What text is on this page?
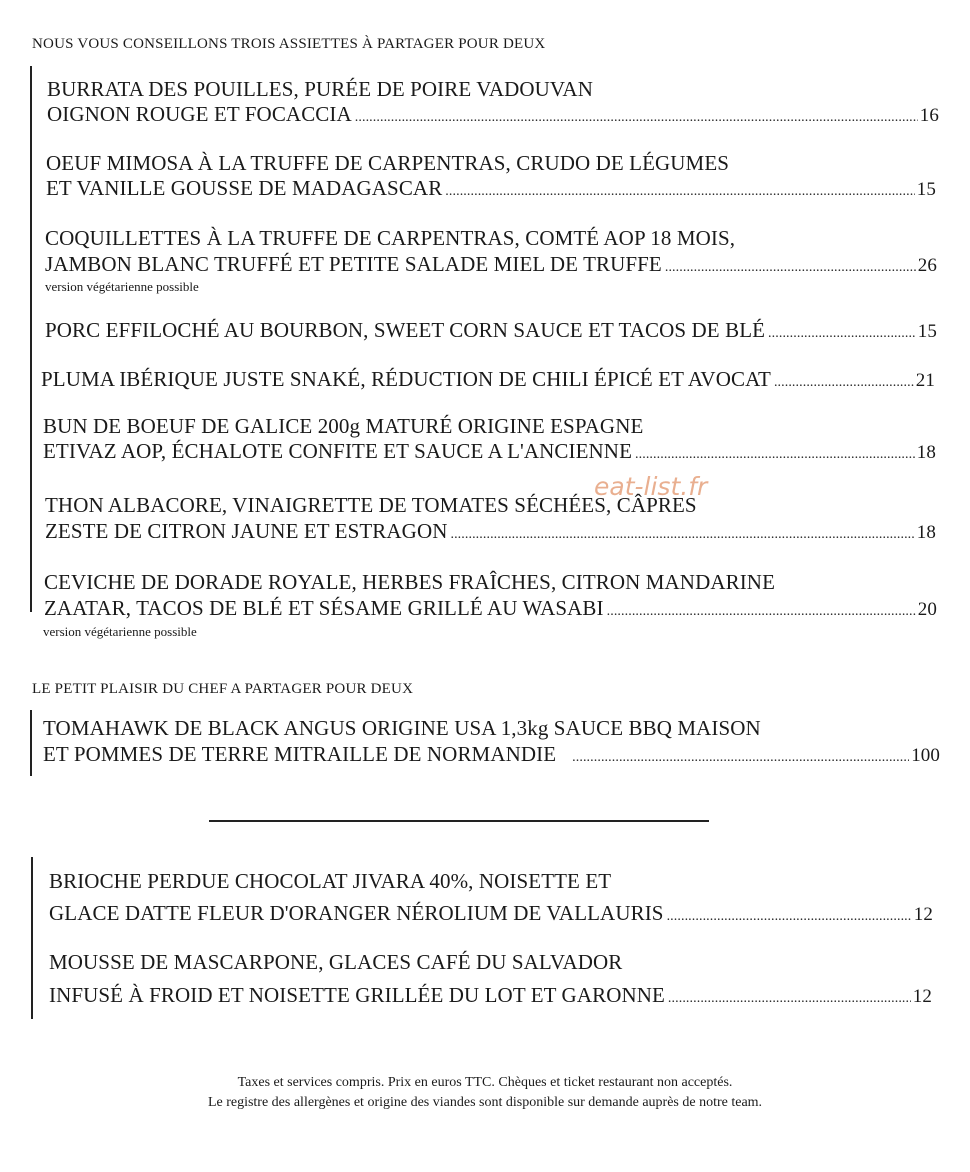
NOUS VOUS CONSEILLONS TROIS ASSIETTES À PARTAGER POUR DEUX
BURRATA DES POUILLES, PURÉE DE POIRE VADOUVAN
OIGNON ROUGE ET FOCACCIA .....	16
OEUF MIMOSA À LA TRUFFE DE CARPENTRAS, CRUDO DE LÉGUMES
ET VANILLE GOUSSE DE MADAGASCAR .....	15
COQUILLETTES À LA TRUFFE DE CARPENTRAS, COMTÉ AOP 18 MOIS,
JAMBON BLANC TRUFFÉ ET PETITE SALADE MIEL DE TRUFFE .....	26
version végétarienne possible
PORC EFFILOCHÉ AU BOURBON, SWEET CORN SAUCE ET TACOS DE BLÉ .....	15
PLUMA IBÉRIQUE JUSTE SNAKÉ, RÉDUCTION DE CHILI ÉPICÉ ET AVOCAT .....	21
BUN DE BOEUF DE GALICE 200g MATURÉ ORIGINE ESPAGNE
ETIVAZ AOP, ÉCHALOTE CONFITE ET SAUCE A L'ANCIENNE .....	18
THON ALBACORE, VINAIGRETTE DE TOMATES SÉCHÉES, CÂPRES
ZESTE DE CITRON JAUNE ET ESTRAGON .....	18
CEVICHE DE DORADE ROYALE, HERBES FRAÎCHES, CITRON MANDARINE
ZAATAR, TACOS DE BLÉ ET SÉSAME GRILLÉ AU WASABI .....	20
version végétarienne possible
eat-list.fr
LE PETIT PLAISIR DU CHEF A PARTAGER POUR DEUX
TOMAHAWK DE BLACK ANGUS ORIGINE USA 1,3kg SAUCE BBQ MAISON
ET POMMES DE TERRE MITRAILLE DE NORMANDIE .....	100
BRIOCHE PERDUE CHOCOLAT JIVARA 40%, NOISETTE ET
GLACE DATTE FLEUR D'ORANGER NÉROLIUM DE VALLAURIS .....	12
MOUSSE DE MASCARPONE, GLACES CAFÉ DU SALVADOR
INFUSÉ À FROID ET NOISETTE GRILLÉE DU LOT ET GARONNE .....	12
Taxes et services compris. Prix en euros TTC. Chèques et ticket restaurant non acceptés.
Le registre des allergènes et origine des viandes sont disponible sur demande auprès de notre team.
